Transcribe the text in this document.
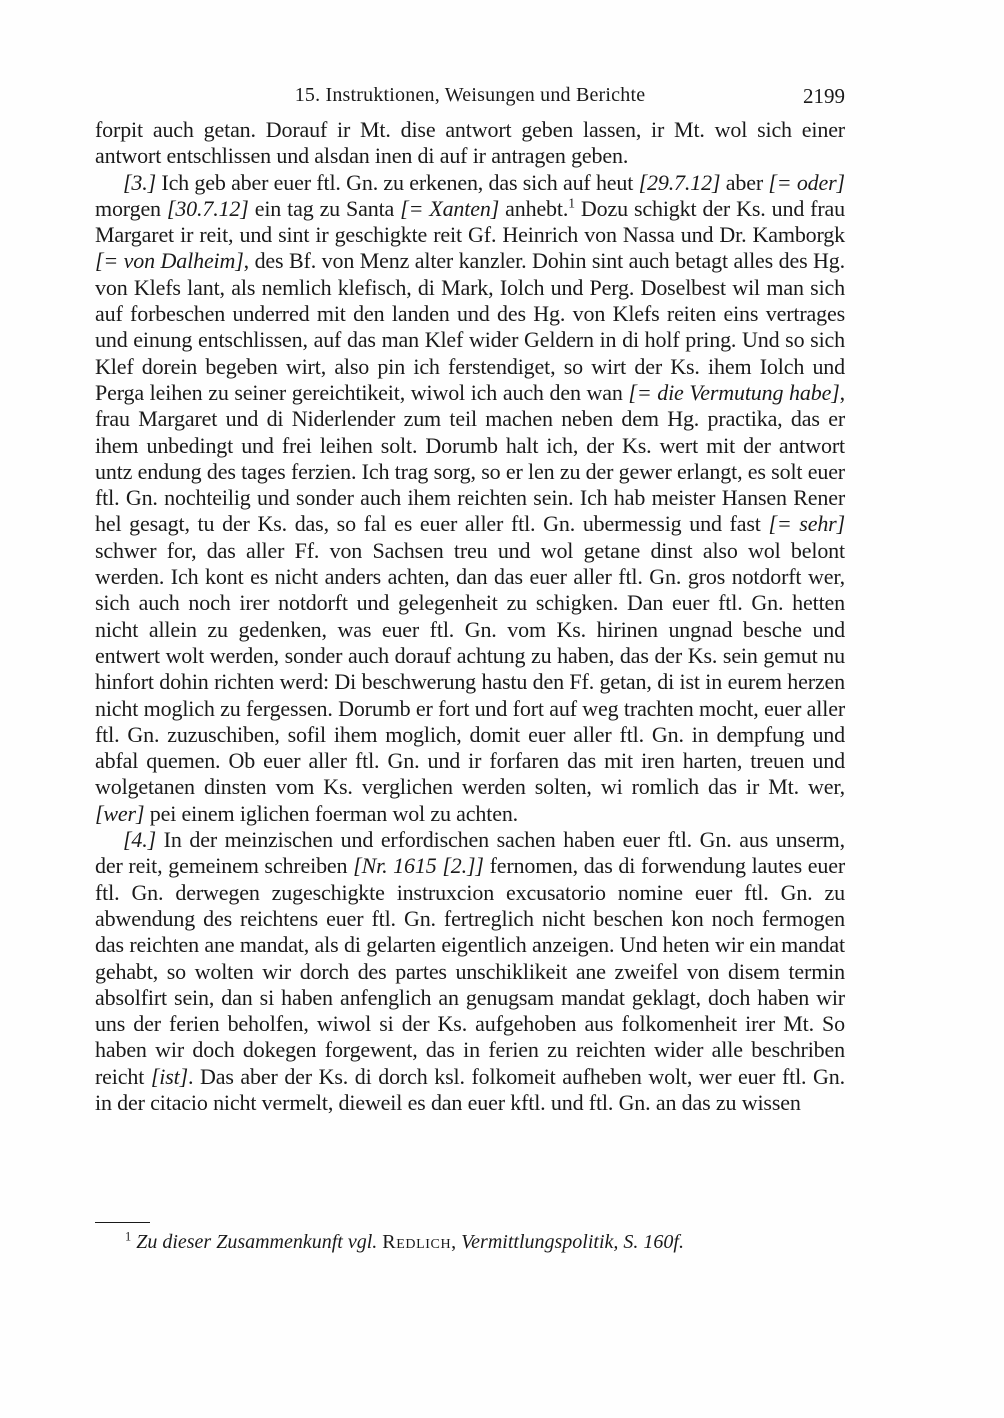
15. Instruktionen, Weisungen und Berichte	2199

forpit auch getan. Dorauf ir Mt. dise antwort geben lassen, ir Mt. wol sich einer antwort entschlissen und alsdan inen di auf ir antragen geben.

[3.] Ich geb aber euer ftl. Gn. zu erkenen, das sich auf heut [29.7.12] aber [= oder] morgen [30.7.12] ein tag zu Santa [= Xanten] anhebt.$^1$ Dozu schigkt der Ks. und frau Margaret ir reit, und sint ir geschigkte reit Gf. Heinrich von Nassa und Dr. Kamborgk [= von Dalheim], des Bf. von Menz alter kanzler. Dohin sint auch betagt alles des Hg. von Klefs lant, als nemlich klefisch, di Mark, Iolch und Perg. Doselbest wil man sich auf forbeschen underred mit den landen und des Hg. von Klefs reiten eins vertrages und einung entschlissen, auf das man Klef wider Geldern in di holf pring. Und so sich Klef dorein begeben wirt, also pin ich ferstendiget, so wirt der Ks. ihem Iolch und Perga leihen zu seiner gereichtikeit, wiwol ich auch den wan [= die Vermutung habe], frau Margaret und di Niderlender zum teil machen neben dem Hg. practika, das er ihem unbedingt und frei leihen solt. Dorumb halt ich, der Ks. wert mit der antwort untz endung des tages ferzien. Ich trag sorg, so er len zu der gewer erlangt, es solt euer ftl. Gn. nochteilig und sonder auch ihem reichten sein. Ich hab meister Hansen Rener hel gesagt, tu der Ks. das, so fal es euer aller ftl. Gn. ubermessig und fast [= sehr] schwer for, das aller Ff. von Sachsen treu und wol getane dinst also wol belont werden. Ich kont es nicht anders achten, dan das euer aller ftl. Gn. gros notdorft wer, sich auch noch irer notdorft und gelegenheit zu schigken. Dan euer ftl. Gn. hetten nicht allein zu gedenken, was euer ftl. Gn. vom Ks. hirinen ungnad besche und entwert wolt werden, sonder auch dorauf achtung zu haben, das der Ks. sein gemut nu hinfort dohin richten werd: Di beschwerung hastu den Ff. getan, di ist in eurem herzen nicht moglich zu fergessen. Dorumb er fort und fort auf weg trachten mocht, euer aller ftl. Gn. zuzuschiben, sofil ihem moglich, domit euer aller ftl. Gn. in dempfung und abfal quemen. Ob euer aller ftl. Gn. und ir forfaren das mit iren harten, treuen und wolgetanen dinsten vom Ks. verglichen werden solten, wi romlich das ir Mt. wer, [wer] pei einem iglichen foerman wol zu achten.

[4.] In der meinzischen und erfordischen sachen haben euer ftl. Gn. aus unserm, der reit, gemeinem schreiben [Nr. 1615 [2.]] fernomen, das di forwendung lautes euer ftl. Gn. derwegen zugeschigkte instruxcion excusatorio nomine euer ftl. Gn. zu abwendung des reichtens euer ftl. Gn. fertreglich nicht beschen kon noch fermogen das reichten ane mandat, als di gelarten eigentlich anzeigen. Und heten wir ein mandat gehabt, so wolten wir dorch des partes unschiklikeit ane zweifel von disem termin absolfirt sein, dan si haben anfenglich an genugsam mandat geklagt, doch haben wir uns der ferien beholfen, wiwol si der Ks. aufgehoben aus folkomenheit irer Mt. So haben wir doch dokegen forgewent, das in ferien zu reichten wider alle beschriben reicht [ist]. Das aber der Ks. di dorch ksl. folkomeit aufheben wolt, wer euer ftl. Gn. in der citacio nicht vermelt, dieweil es dan euer kftl. und ftl. Gn. an das zu wissen

$^1$ Zu dieser Zusammenkunft vgl. Redlich, Vermittlungspolitik, S. 160f.
